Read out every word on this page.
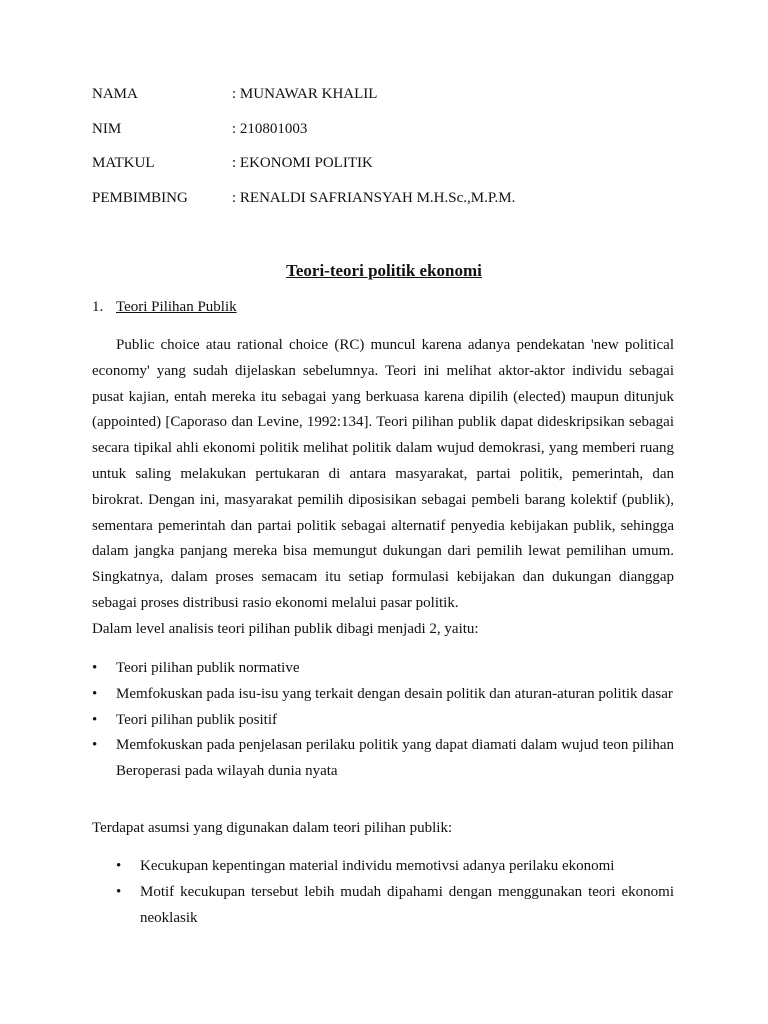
NAMA	: MUNAWAR KHALIL
NIM	: 210801003
MATKUL	: EKONOMI POLITIK
PEMBIMBING	: RENALDI SAFRIANSYAH M.H.Sc.,M.P.M.
Teori-teori politik ekonomi
1. Teori Pilihan Publik

Public choice atau rational choice (RC) muncul karena adanya pendekatan 'new political economy' yang sudah dijelaskan sebelumnya. Teori ini melihat aktor-aktor individu sebagai pusat kajian, entah mereka itu sebagai yang berkuasa karena dipilih (elected) maupun ditunjuk (appointed) [Caporaso dan Levine, 1992:134]. Teori pilihan publik dapat dideskripsikan sebagai secara tipikal ahli ekonomi politik melihat politik dalam wujud demokrasi, yang memberi ruang untuk saling melakukan pertukaran di antara masyarakat, partai politik, pemerintah, dan birokrat. Dengan ini, masyarakat pemilih diposisikan sebagai pembeli barang kolektif (publik), sementara pemerintah dan partai politik sebagai alternatif penyedia kebijakan publik, sehingga dalam jangka panjang mereka bisa memungut dukungan dari pemilih lewat pemilihan umum. Singkatnya, dalam proses semacam itu setiap formulasi kebijakan dan dukungan dianggap sebagai proses distribusi rasio ekonomi melalui pasar politik.

Dalam level analisis teori pilihan publik dibagi menjadi 2, yaitu:
• Teori pilihan publik normative
• Memfokuskan pada isu-isu yang terkait dengan desain politik dan aturan-aturan politik dasar
• Teori pilihan publik positif
• Memfokuskan pada penjelasan perilaku politik yang dapat diamati dalam wujud teon pilihan Beroperasi pada wilayah dunia nyata
Terdapat asumsi yang digunakan dalam teori pilihan publik:
• Kecukupan kepentingan material individu memotivsi adanya perilaku ekonomi
• Motif kecukupan tersebut lebih mudah dipahami dengan menggunakan teori ekonomi neoklasik
